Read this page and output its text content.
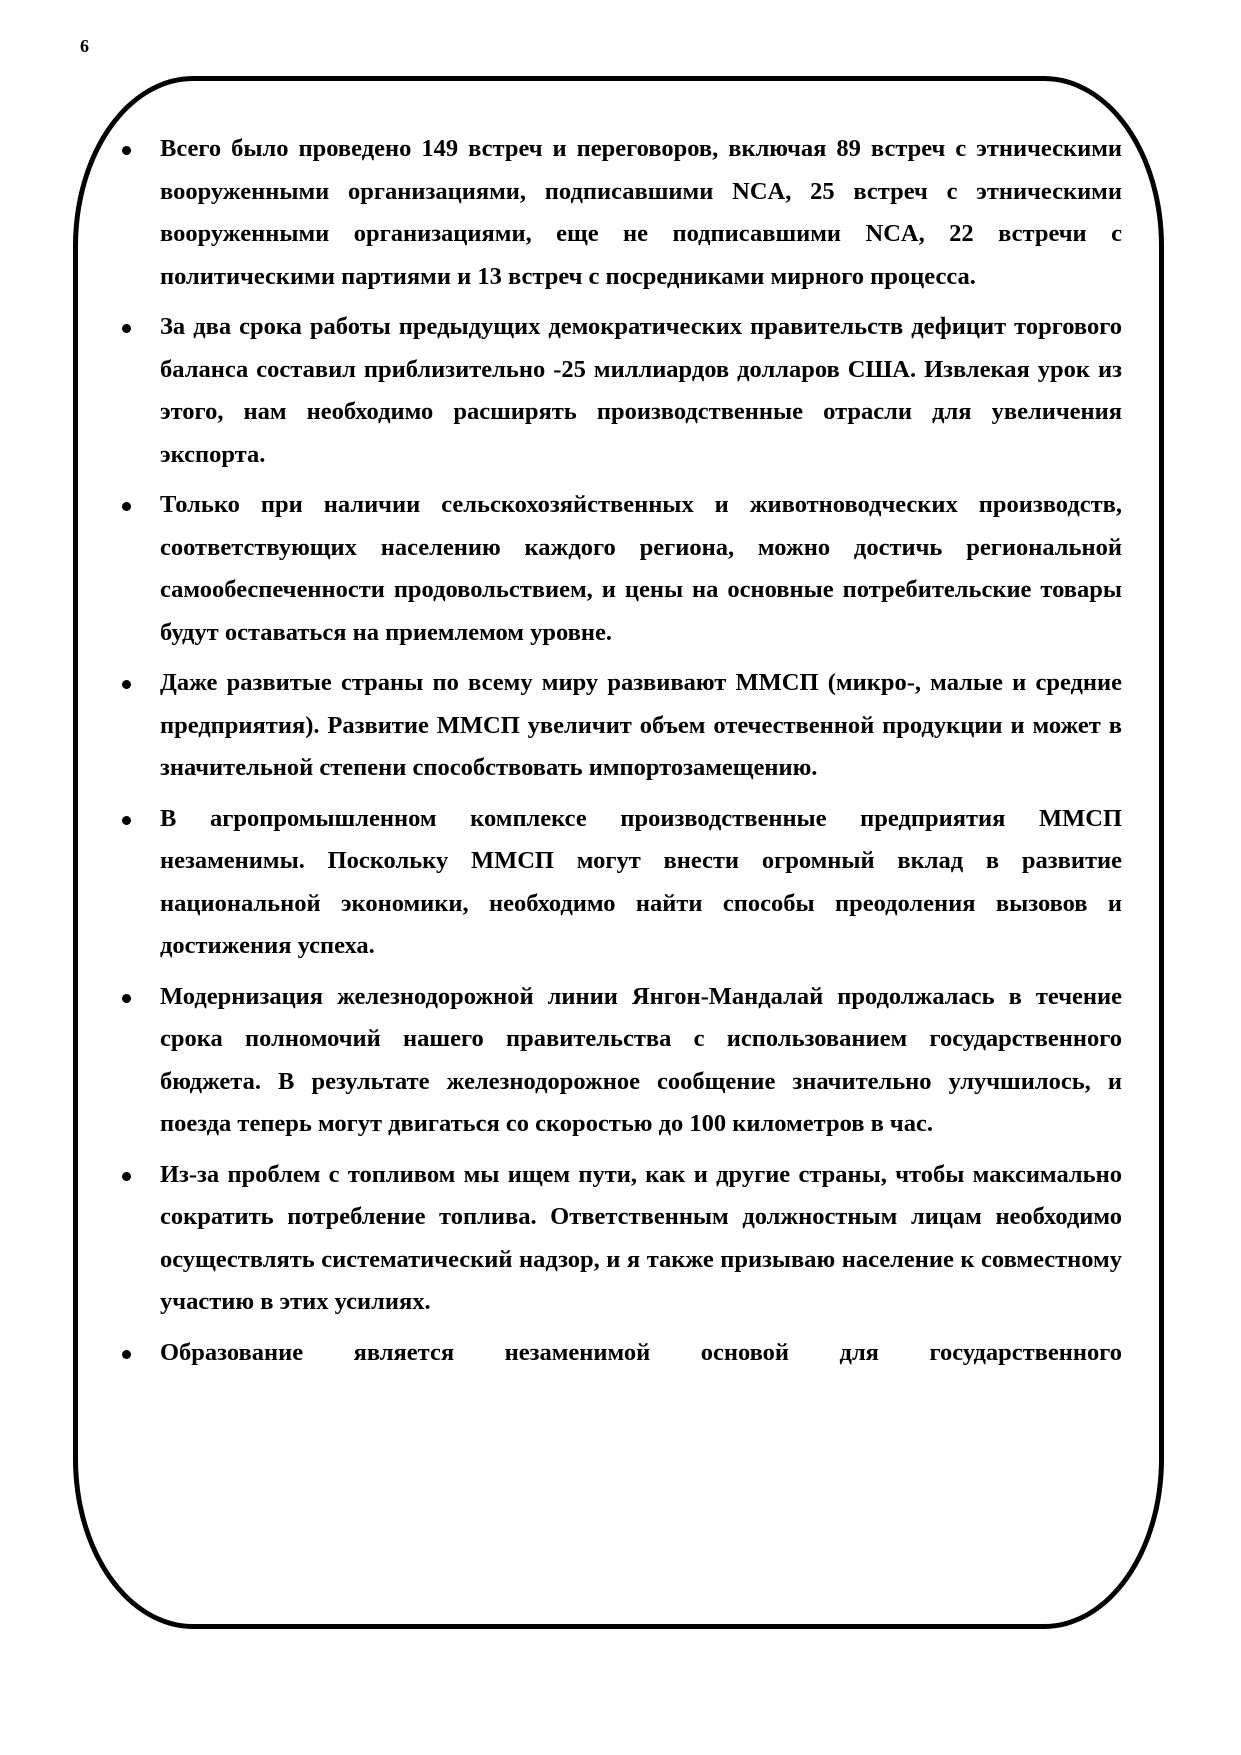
6
Всего было проведено 149 встреч и переговоров, включая 89 встреч с этническими вооруженными организациями, подписавшими NCA, 25 встреч с этническими вооруженными организациями, еще не подписавшими NCA, 22 встречи с политическими партиями и 13 встреч с посредниками мирного процесса.
За два срока работы предыдущих демократических правительств дефицит торгового баланса составил приблизительно -25 миллиардов долларов США. Извлекая урок из этого, нам необходимо расширять производственные отрасли для увеличения экспорта.
Только при наличии сельскохозяйственных и животноводческих производств, соответствующих населению каждого региона, можно достичь региональной самообеспеченности продовольствием, и цены на основные потребительские товары будут оставаться на приемлемом уровне.
Даже развитые страны по всему миру развивают ММСП (микро-, малые и средние предприятия). Развитие ММСП увеличит объем отечественной продукции и может в значительной степени способствовать импортозамещению.
В агропромышленном комплексе производственные предприятия ММСП незаменимы. Поскольку ММСП могут внести огромный вклад в развитие национальной экономики, необходимо найти способы преодоления вызовов и достижения успеха.
Модернизация железнодорожной линии Янгон-Мандалай продолжалась в течение срока полномочий нашего правительства с использованием государственного бюджета. В результате железнодорожное сообщение значительно улучшилось, и поезда теперь могут двигаться со скоростью до 100 километров в час.
Из-за проблем с топливом мы ищем пути, как и другие страны, чтобы максимально сократить потребление топлива. Ответственным должностным лицам необходимо осуществлять систематический надзор, и я также призываю население к совместному участию в этих усилиях.
Образование является незаменимой основой для государственного
